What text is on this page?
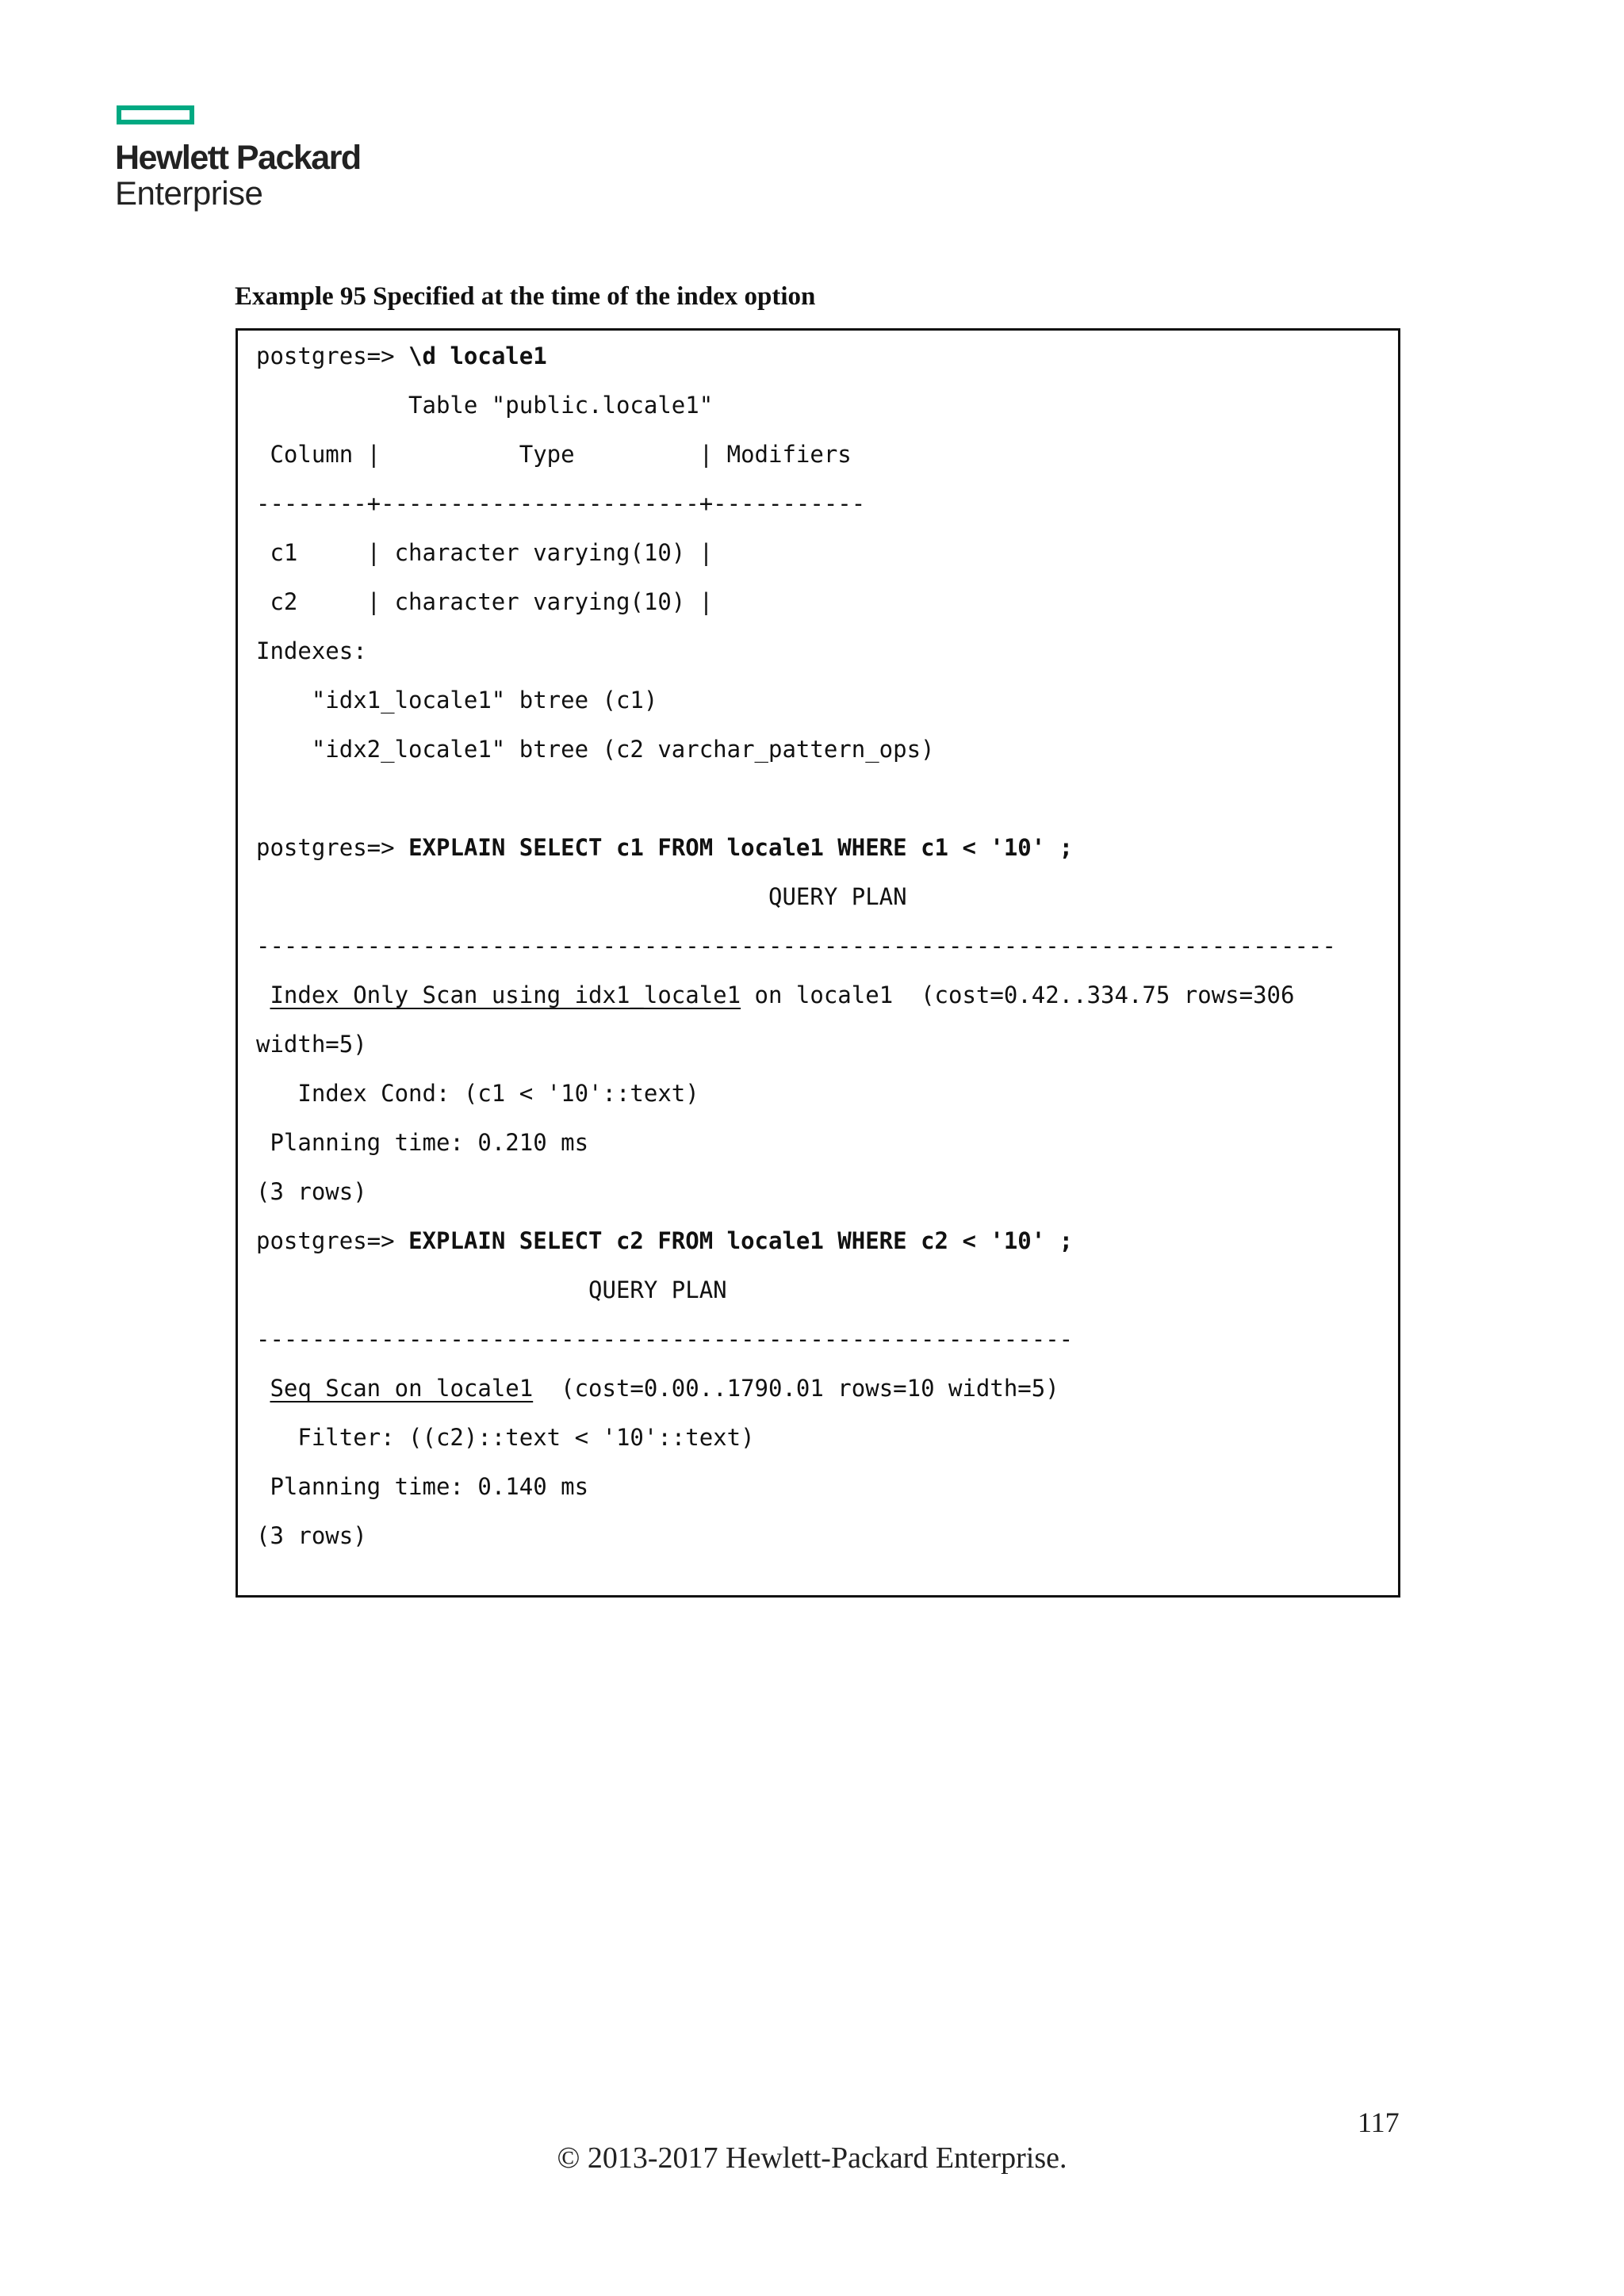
Hewlett Packard
Enterprise
Example 95 Specified at the time of the index option
postgres=> \d locale1
Table "public.locale1"
Column |          Type         | Modifiers
--------+-----------------------+-----------
c1     | character varying(10) |
c2     | character varying(10) |
Indexes:
"idx1_locale1" btree (c1)
"idx2_locale1" btree (c2 varchar_pattern_ops)
postgres=> EXPLAIN SELECT c1 FROM locale1 WHERE c1 < '10' ;
QUERY PLAN
------------------------------------------------------------------------------
Index Only Scan using idx1_locale1 on locale1  (cost=0.42..334.75 rows=306
width=5)
Index Cond: (c1 < '10'::text)
Planning time: 0.210 ms
(3 rows)
postgres=> EXPLAIN SELECT c2 FROM locale1 WHERE c2 < '10' ;
QUERY PLAN
-----------------------------------------------------------
Seq Scan on locale1  (cost=0.00..1790.01 rows=10 width=5)
Filter: ((c2)::text < '10'::text)
Planning time: 0.140 ms
(3 rows)
117
© 2013-2017 Hewlett-Packard Enterprise.
